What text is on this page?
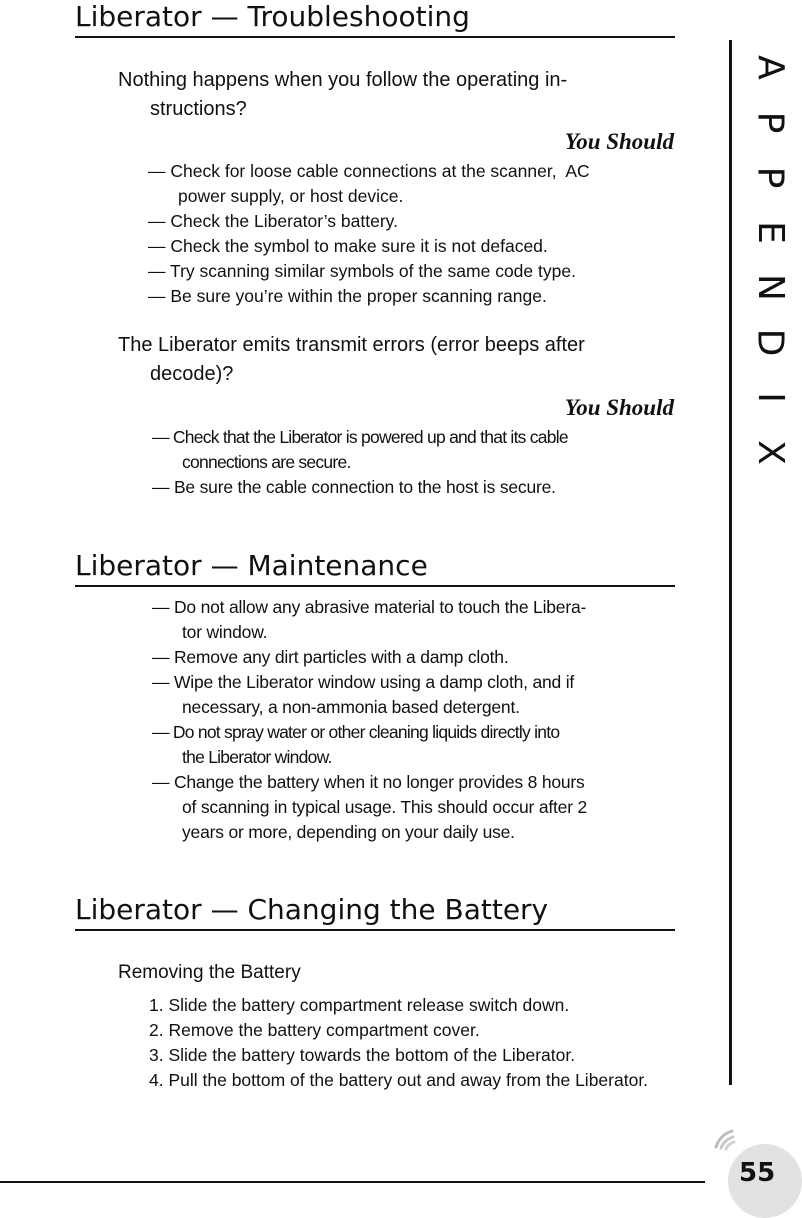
Liberator — Troubleshooting

Nothing happens when you follow the operating in-
structions?

You Should

— Check for loose cable connections at the scanner,  AC
power supply, or host device.
— Check the Liberator’s battery.
— Check the symbol to make sure it is not defaced.
— Try scanning similar symbols of the same code type.
— Be sure you’re within the proper scanning range.

The Liberator emits transmit errors (error beeps after
decode)?

You Should

— Check that the Liberator is powered up and that its cable
connections are secure.
— Be sure the cable connection to the host is secure.
Liberator — Maintenance
— Do not allow any abrasive material to touch the Libera-
tor window.
— Remove any dirt particles with a damp cloth.
— Wipe the Liberator window using a damp cloth, and if
necessary, a non-ammonia based detergent.
— Do not spray water or other cleaning liquids directly into
the Liberator window.
— Change the battery when it no longer provides 8 hours
of scanning in typical usage. This should occur after 2
years or more, depending on your daily use.
Liberator — Changing the Battery

Removing the Battery

1. Slide the battery compartment release switch down.
2. Remove the battery compartment cover.
3. Slide the battery towards the bottom of the Liberator.
4. Pull the bottom of the battery out and away from the Liberator.
A
P
P
E
N
D
I
X

55
